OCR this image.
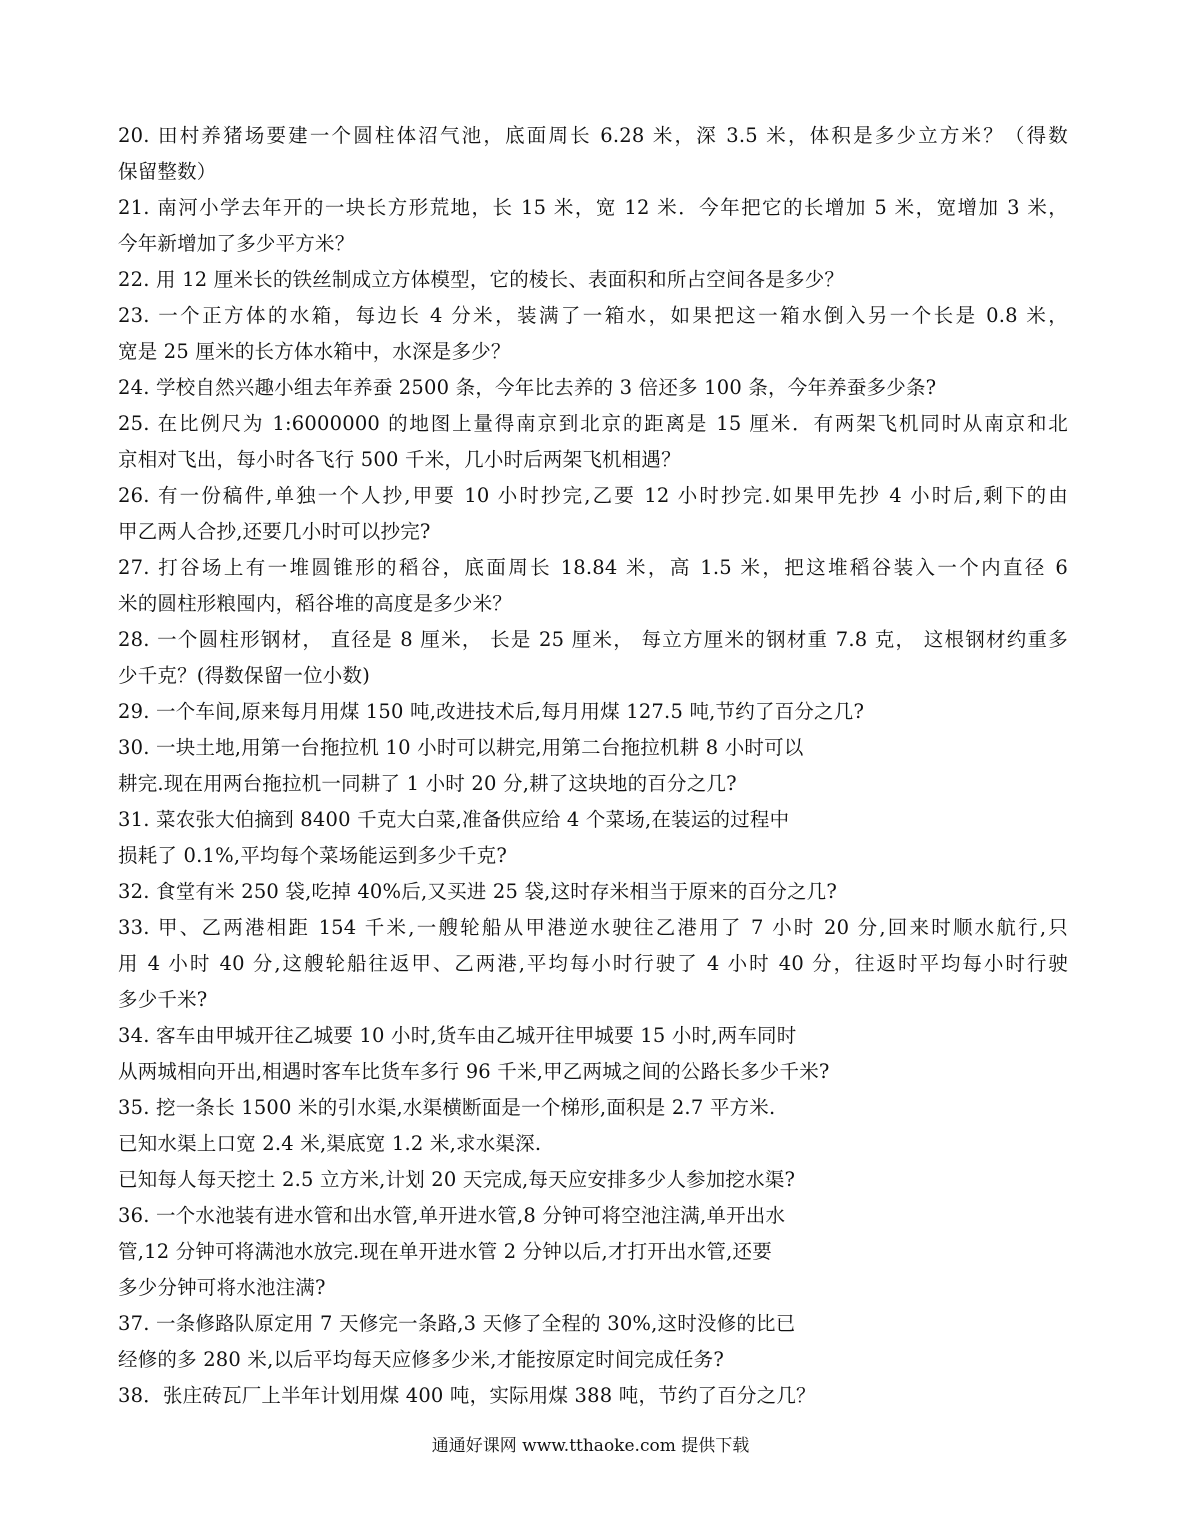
20. 田村养猪场要建一个圆柱体沼气池，底面周长 6.28 米，深 3.5 米，体积是多少立方米？（得数
保留整数）
21. 南河小学去年开的一块长方形荒地，长 15 米，宽 12 米．今年把它的长增加 5 米，宽增加 3 米，
今年新增加了多少平方米？
22. 用 12 厘米长的铁丝制成立方体模型，它的棱长、表面积和所占空间各是多少？
23. 一个正方体的水箱，每边长 4 分米，装满了一箱水，如果把这一箱水倒入另一个长是 0.8 米，
宽是 25 厘米的长方体水箱中，水深是多少？
24. 学校自然兴趣小组去年养蚕 2500 条，今年比去养的 3 倍还多 100 条，今年养蚕多少条?
25. 在比例尺为 1:6000000 的地图上量得南京到北京的距离是 15 厘米．有两架飞机同时从南京和北
京相对飞出，每小时各飞行 500 千米，几小时后两架飞机相遇？
26. 有一份稿件,单独一个人抄,甲要 10 小时抄完,乙要 12 小时抄完.如果甲先抄 4 小时后,剩下的由
甲乙两人合抄,还要几小时可以抄完?
27. 打谷场上有一堆圆锥形的稻谷，底面周长 18.84 米，高 1.5 米，把这堆稻谷装入一个内直径 6
米的圆柱形粮囤内，稻谷堆的高度是多少米？
28. 一个圆柱形钢材， 直径是 8 厘米， 长是 25 厘米， 每立方厘米的钢材重 7.8 克， 这根钢材约重多
少千克？(得数保留一位小数)
29. 一个车间,原来每月用煤 150 吨,改进技术后,每月用煤 127.5 吨,节约了百分之几?
30. 一块土地,用第一台拖拉机 10 小时可以耕完,用第二台拖拉机耕 8 小时可以
耕完.现在用两台拖拉机一同耕了 1 小时 20 分,耕了这块地的百分之几?
31. 菜农张大伯摘到 8400 千克大白菜,准备供应给 4 个菜场,在装运的过程中
损耗了 0.1%,平均每个菜场能运到多少千克?
32. 食堂有米 250 袋,吃掉 40%后,又买进 25 袋,这时存米相当于原来的百分之几?
33. 甲、乙两港相距 154 千米,一艘轮船从甲港逆水驶往乙港用了 7 小时 20 分,回来时顺水航行,只
用 4 小时 40 分,这艘轮船往返甲、乙两港,平均每小时行驶了 4 小时 40 分，往返时平均每小时行驶
多少千米?
34. 客车由甲城开往乙城要 10 小时,货车由乙城开往甲城要 15 小时,两车同时
从两城相向开出,相遇时客车比货车多行 96 千米,甲乙两城之间的公路长多少千米?
35. 挖一条长 1500 米的引水渠,水渠横断面是一个梯形,面积是 2.7 平方米.
已知水渠上口宽 2.4 米,渠底宽 1.2 米,求水渠深.
已知每人每天挖土 2.5 立方米,计划 20 天完成,每天应安排多少人参加挖水渠?
36. 一个水池装有进水管和出水管,单开进水管,8 分钟可将空池注满,单开出水
管,12 分钟可将满池水放完.现在单开进水管 2 分钟以后,才打开出水管,还要
多少分钟可将水池注满?
37. 一条修路队原定用 7 天修完一条路,3 天修了全程的 30%,这时没修的比已
经修的多 280 米,以后平均每天应修多少米,才能按原定时间完成任务?
38．张庄砖瓦厂上半年计划用煤 400 吨，实际用煤 388 吨，节约了百分之几？
通通好课网 www.tthaoke.com 提供下载
